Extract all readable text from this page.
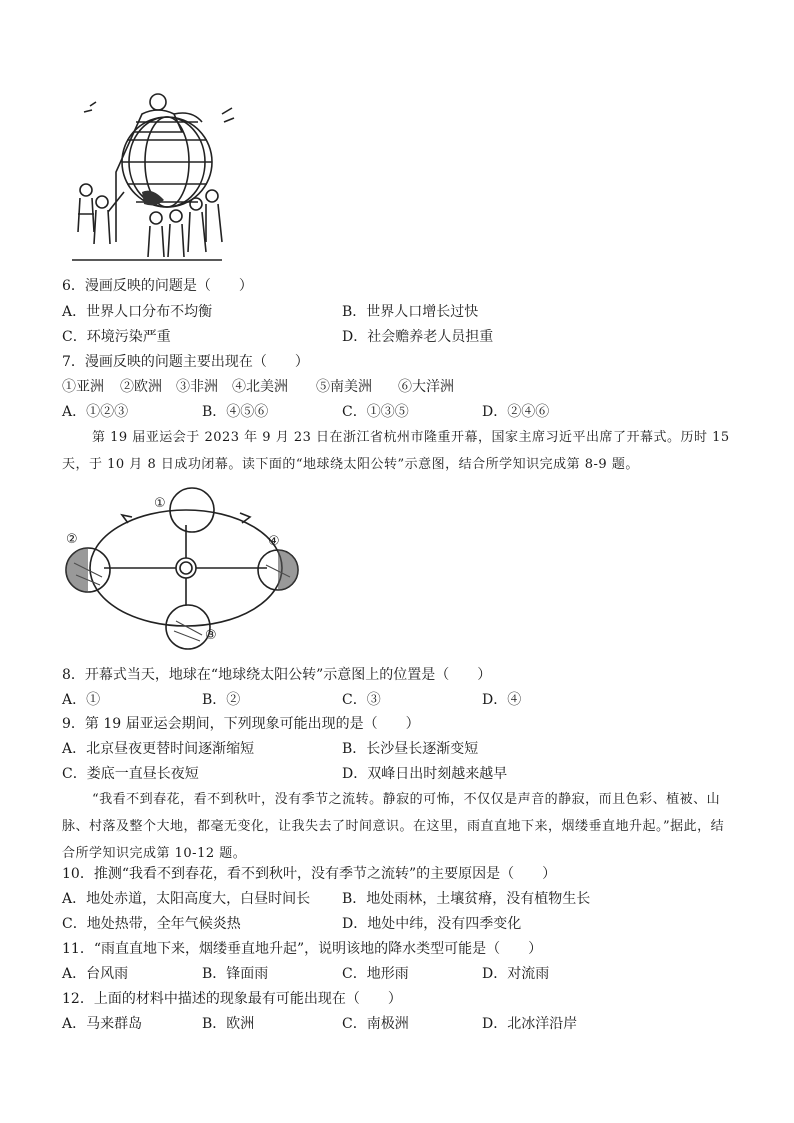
6．漫画反映的问题是（　　）
A．世界人口分布不均衡	B．世界人口增长过快
C．环境污染严重	D．社会赡养老人员担重
7．漫画反映的问题主要出现在（　　）
①亚洲 ②欧洲 ③非洲 ④北美洲 ⑤南美洲 ⑥大洋洲
A．①②③	B．④⑤⑥	C．①③⑤	D．②④⑥
第 19 届亚运会于 2023 年 9 月 23 日在浙江省杭州市隆重开幕，国家主席习近平出席了开幕式。历时 15 天，于 10 月 8 日成功闭幕。读下面的“地球绕太阳公转”示意图，结合所学知识完成第 8-9 题。
①
②
③
④
8．开幕式当天，地球在“地球绕太阳公转”示意图上的位置是（　　）
A．①	B．②	C．③	D．④
9．第 19 届亚运会期间，下列现象可能出现的是（　　）
A．北京昼夜更替时间逐渐缩短	B．长沙昼长逐渐变短
C．娄底一直昼长夜短	D．双峰日出时刻越来越早
“我看不到春花，看不到秋叶，没有季节之流转。静寂的可怖，不仅仅是声音的静寂，而且色彩、植被、山脉、村落及整个大地，都毫无变化，让我失去了时间意识。在这里，雨直直地下来，烟缕垂直地升起。”据此，结合所学知识完成第 10-12 题。
10．推测“我看不到春花，看不到秋叶，没有季节之流转”的主要原因是（　　）
A．地处赤道，太阳高度大，白昼时间长 B．地处雨林，土壤贫瘠，没有植物生长
C．地处热带，全年气候炎热	D．地处中纬，没有四季变化
11．“雨直直地下来，烟缕垂直地升起”，说明该地的降水类型可能是（　　）
A．台风雨	B．锋面雨	C．地形雨	D．对流雨
12．上面的材料中描述的现象最有可能出现在（　　）
A．马来群岛	B．欧洲	C．南极洲	D．北冰洋沿岸
